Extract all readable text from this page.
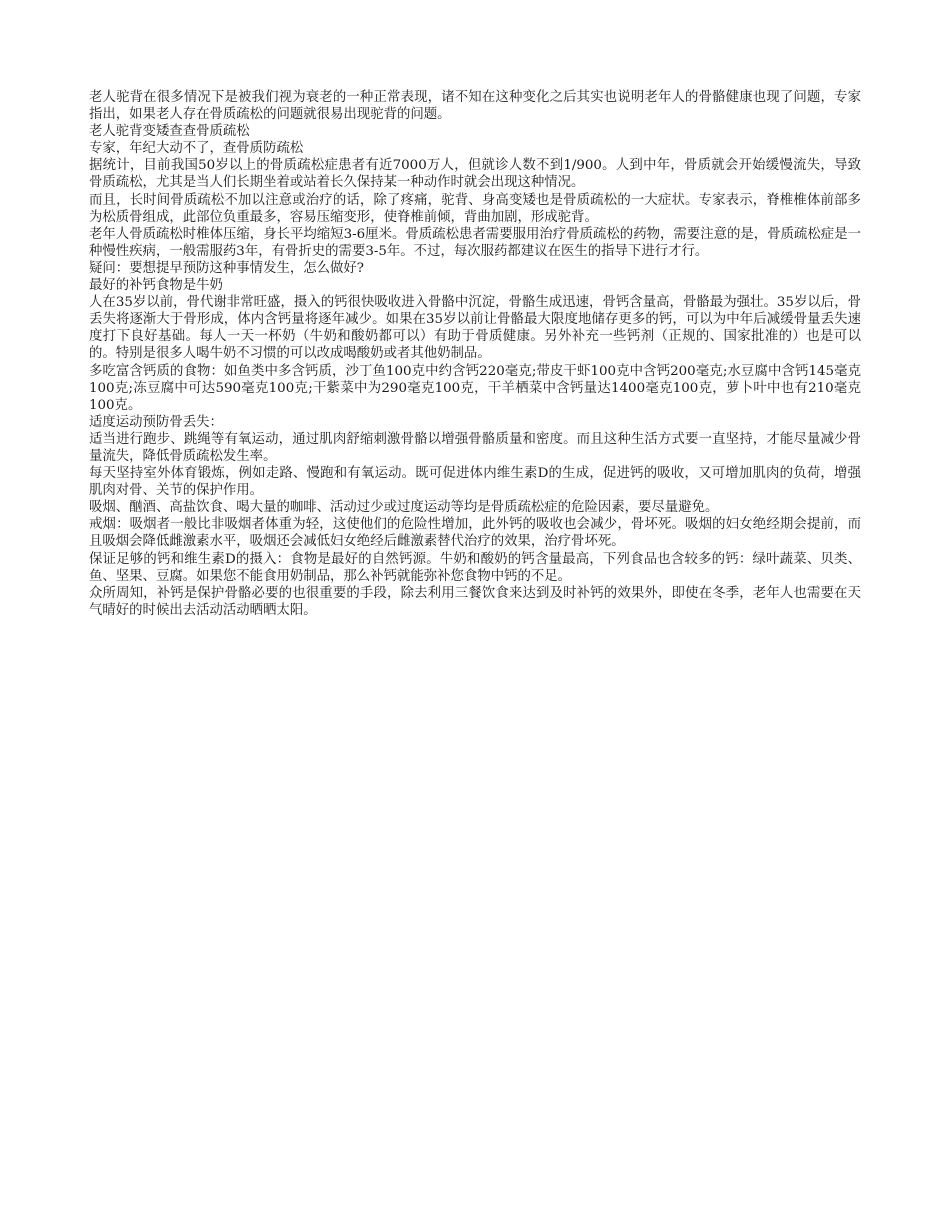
老人驼背在很多情况下是被我们视为衰老的一种正常表现，诸不知在这种变化之后其实也说明老年人的骨骼健康也现了问题，专家指出，如果老人存在骨质疏松的问题就很易出现驼背的问题。

老人驼背变矮查查骨质疏松

专家，年纪大动不了，查骨质防疏松

据统计，目前我国50岁以上的骨质疏松症患者有近7000万人，但就诊人数不到1/900。人到中年，骨质就会开始缓慢流失，导致骨质疏松，尤其是当人们长期坐着或站着长久保持某一种动作时就会出现这种情况。

而且，长时间骨质疏松不加以注意或治疗的话，除了疼痛，驼背、身高变矮也是骨质疏松的一大症状。专家表示，脊椎椎体前部多为松质骨组成，此部位负重最多，容易压缩变形，使脊椎前倾，背曲加剧，形成驼背。

老年人骨质疏松时椎体压缩，身长平均缩短3-6厘米。骨质疏松患者需要服用治疗骨质疏松的药物，需要注意的是，骨质疏松症是一种慢性疾病，一般需服药3年，有骨折史的需要3-5年。不过，每次服药都建议在医生的指导下进行才行。

疑问：要想提早预防这种事情发生，怎么做好?

最好的补钙食物是牛奶

人在35岁以前，骨代谢非常旺盛，摄入的钙很快吸收进入骨骼中沉淀，骨骼生成迅速，骨钙含量高，骨骼最为强壮。35岁以后，骨丢失将逐渐大于骨形成，体内含钙量将逐年减少。如果在35岁以前让骨骼最大限度地储存更多的钙，可以为中年后减缓骨量丢失速度打下良好基础。每人一天一杯奶（牛奶和酸奶都可以）有助于骨质健康。另外补充一些钙剂（正规的、国家批准的）也是可以的。特别是很多人喝牛奶不习惯的可以改成喝酸奶或者其他奶制品。

多吃富含钙质的食物：如鱼类中多含钙质，沙丁鱼100克中约含钙220毫克;带皮干虾100克中含钙200毫克;水豆腐中含钙145毫克100克;冻豆腐中可达590毫克100克;干紫菜中为290毫克100克，干羊栖菜中含钙量达1400毫克100克，萝卜叶中也有210毫克100克。

适度运动预防骨丢失：

适当进行跑步、跳绳等有氧运动，通过肌肉舒缩刺激骨骼以增强骨骼质量和密度。而且这种生活方式要一直坚持，才能尽量减少骨量流失，降低骨质疏松发生率。

每天坚持室外体育锻炼，例如走路、慢跑和有氧运动。既可促进体内维生素D的生成，促进钙的吸收，又可增加肌肉的负荷，增强肌肉对骨、关节的保护作用。

吸烟、酗酒、高盐饮食、喝大量的咖啡、活动过少或过度运动等均是骨质疏松症的危险因素，要尽量避免。

戒烟：吸烟者一般比非吸烟者体重为轻，这使他们的危险性增加，此外钙的吸收也会减少，骨坏死。吸烟的妇女绝经期会提前，而且吸烟会降低雌激素水平，吸烟还会减低妇女绝经后雌激素替代治疗的效果，治疗骨坏死。

保证足够的钙和维生素D的摄入：食物是最好的自然钙源。牛奶和酸奶的钙含量最高，下列食品也含较多的钙：绿叶蔬菜、贝类、鱼、坚果、豆腐。如果您不能食用奶制品，那么补钙就能弥补您食物中钙的不足。

众所周知，补钙是保护骨骼必要的也很重要的手段，除去利用三餐饮食来达到及时补钙的效果外，即使在冬季，老年人也需要在天气晴好的时候出去活动活动晒晒太阳。
